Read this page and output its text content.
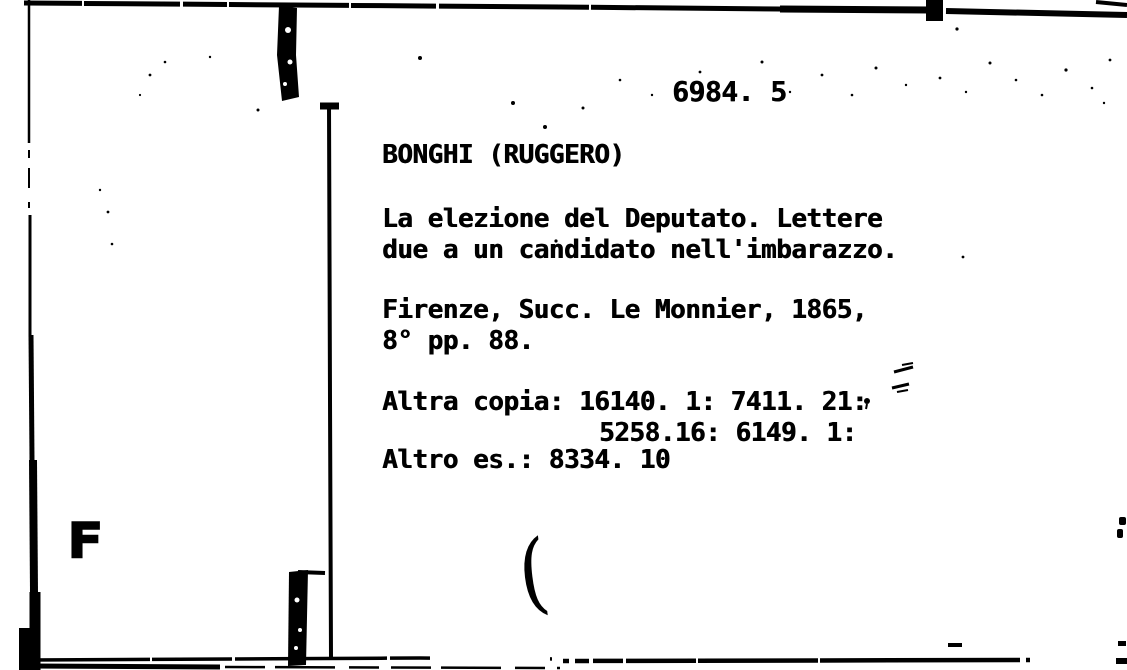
6984. 5
BONGHI (RUGGERO)
La elezione del Deputato. Lettere
due a un candidato nell'imbarazzo.
Firenze, Succ. Le Monnier, 1865,
8° pp. 88.
Altra copia: 16140. 1: 7411. 21:
5258.16: 6149. 1:
Altro es.: 8334. 10
F	(
